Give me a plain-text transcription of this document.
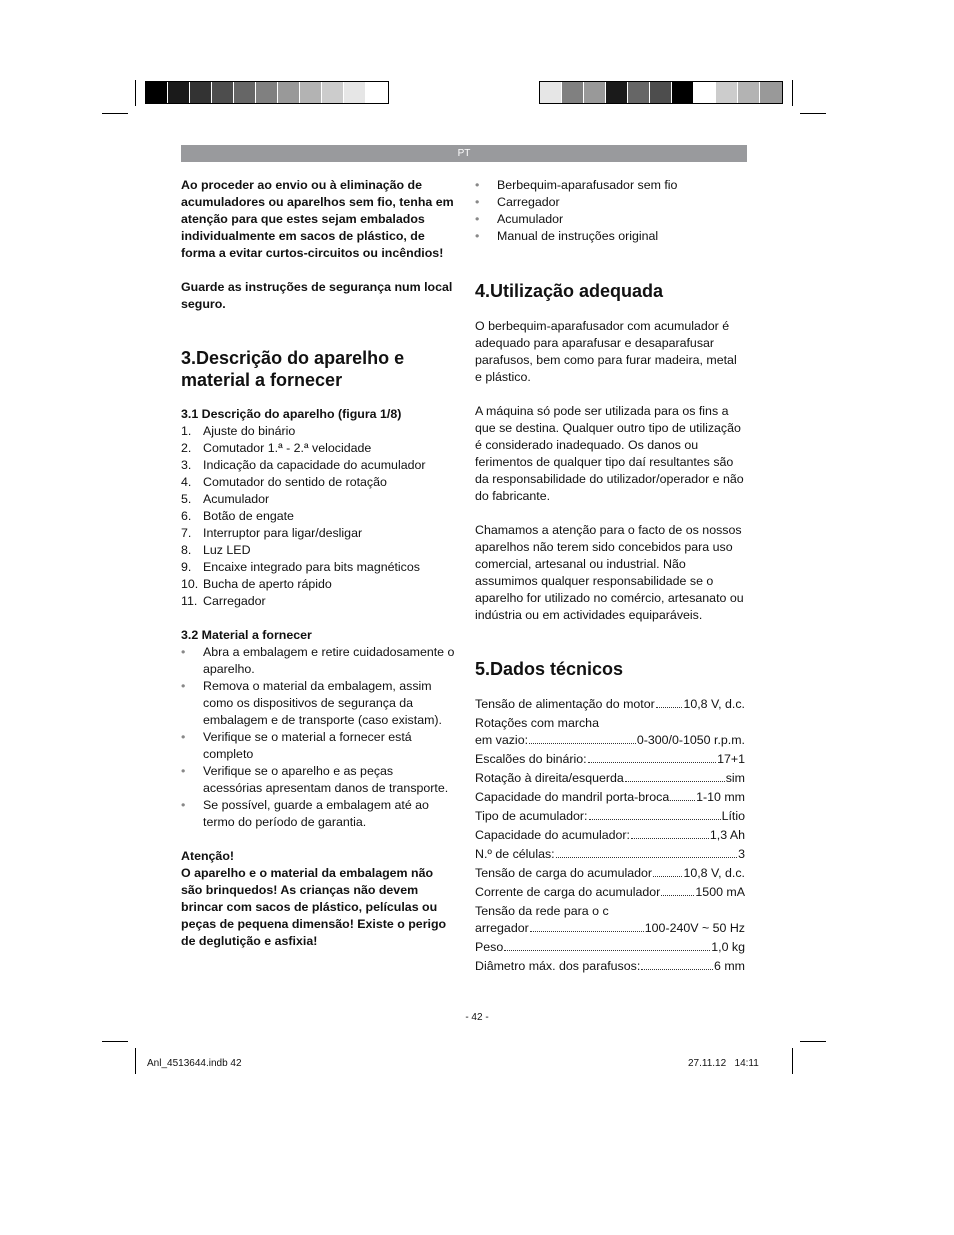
PT

Ao proceder ao envio ou à eliminação de acumuladores ou aparelhos sem fio, tenha em atenção para que estes sejam embalados individualmente em sacos de plástico, de forma a evitar curtos-circuitos ou incêndios!

Guarde as instruções de segurança num local seguro.

3.Descrição do aparelho e material a fornecer

3.1 Descrição do aparelho (figura 1/8)

1. Ajuste do binário
2. Comutador 1.ª - 2.ª velocidade
3. Indicação da capacidade do acumulador
4. Comutador do sentido de rotação
5. Acumulador
6. Botão de engate
7. Interruptor para ligar/desligar
8. Luz LED
9. Encaixe integrado para bits magnéticos
10. Bucha de aperto rápido
11. Carregador

3.2 Material a fornecer

• Abra a embalagem e retire cuidadosamente o aparelho.
• Remova o material da embalagem, assim como os dispositivos de segurança da embalagem e de transporte (caso existam).
• Verifique se o material a fornecer está completo
• Verifique se o aparelho e as peças acessórias apresentam danos de transporte.
• Se possível, guarde a embalagem até ao termo do período de garantia.

Atenção!

O aparelho e o material da embalagem não são brinquedos! As crianças não devem brincar com sacos de plástico, películas ou peças de pequena dimensão! Existe o perigo de deglutição e asfixia!

• Berbequim-aparafusador sem fio
• Carregador
• Acumulador
• Manual de instruções original
4.Utilização adequada

O berbequim-aparafusador com acumulador é adequado para aparafusar e desaparafusar parafusos, bem como para furar madeira, metal e plástico.

A máquina só pode ser utilizada para os fins a que se destina. Qualquer outro tipo de utilização é considerado inadequado. Os danos ou ferimentos de qualquer tipo daí resultantes são da responsabilidade do utilizador/operador e não do fabricante.

Chamamos a atenção para o facto de os nossos aparelhos não terem sido concebidos para uso comercial, artesanal ou industrial. Não assumimos qualquer responsabilidade se o aparelho for utilizado no comércio, artesanato ou indústria ou em actividades equiparáveis.

5.Dados técnicos
Tensão de alimentação do motor 10,8 V, d.c.
Rotações com marcha
em vazio:	0-300/0-1050 r.p.m.
Escalões do binário:	17+1
Rotação à direita/esquerda	sim
Capacidade do mandril porta-broca 1-10 mm
Tipo de acumulador:	Lítio
Capacidade do acumulador:	1,3 Ah
N.º de células:	3
Tensão de carga do acumulador	10,8 V, d.c.
Corrente de carga do acumulador	1500 mA
Tensão da rede para o c
arregador	100-240V ~ 50 Hz
Peso	1,0 kg
Diâmetro máx. dos parafusos:	6 mm
- 42 -
Anl_4513644.indb 42	27.11.12   14:11
